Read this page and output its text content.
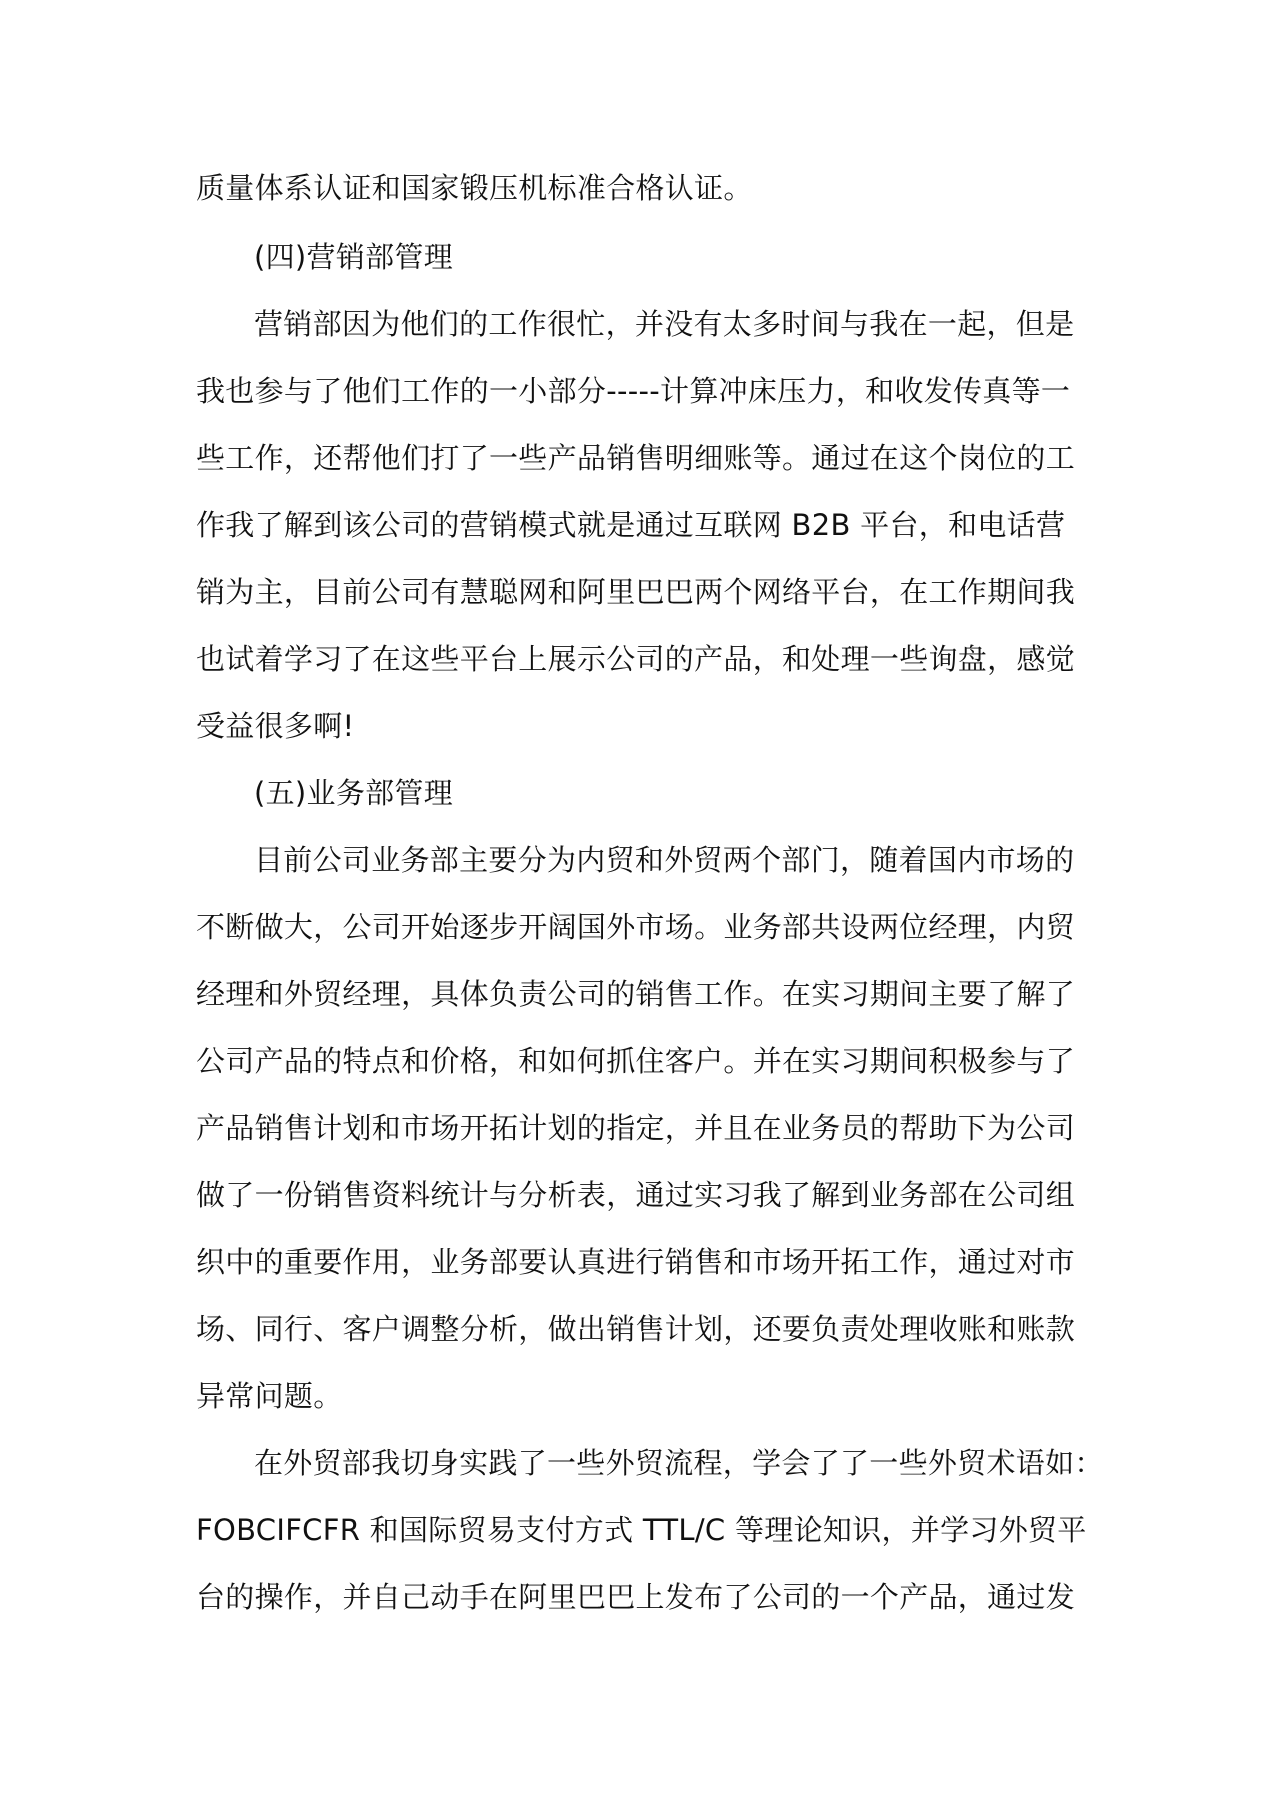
质量体系认证和国家锻压机标准合格认证。
(四)营销部管理
营销部因为他们的工作很忙，并没有太多时间与我在一起，但是
我也参与了他们工作的一小部分-----计算冲床压力，和收发传真等一
些工作，还帮他们打了一些产品销售明细账等。通过在这个岗位的工
作我了解到该公司的营销模式就是通过互联网 B2B 平台，和电话营
销为主，目前公司有慧聪网和阿里巴巴两个网络平台，在工作期间我
也试着学习了在这些平台上展示公司的产品，和处理一些询盘，感觉
受益很多啊!
(五)业务部管理
目前公司业务部主要分为内贸和外贸两个部门，随着国内市场的
不断做大，公司开始逐步开阔国外市场。业务部共设两位经理，内贸
经理和外贸经理，具体负责公司的销售工作。在实习期间主要了解了
公司产品的特点和价格，和如何抓住客户。并在实习期间积极参与了
产品销售计划和市场开拓计划的指定，并且在业务员的帮助下为公司
做了一份销售资料统计与分析表，通过实习我了解到业务部在公司组
织中的重要作用，业务部要认真进行销售和市场开拓工作，通过对市
场、同行、客户调整分析，做出销售计划，还要负责处理收账和账款
异常问题。
在外贸部我切身实践了一些外贸流程，学会了了一些外贸术语如：
FOBCIFCFR 和国际贸易支付方式 TTL/C 等理论知识，并学习外贸平
台的操作，并自己动手在阿里巴巴上发布了公司的一个产品，通过发
